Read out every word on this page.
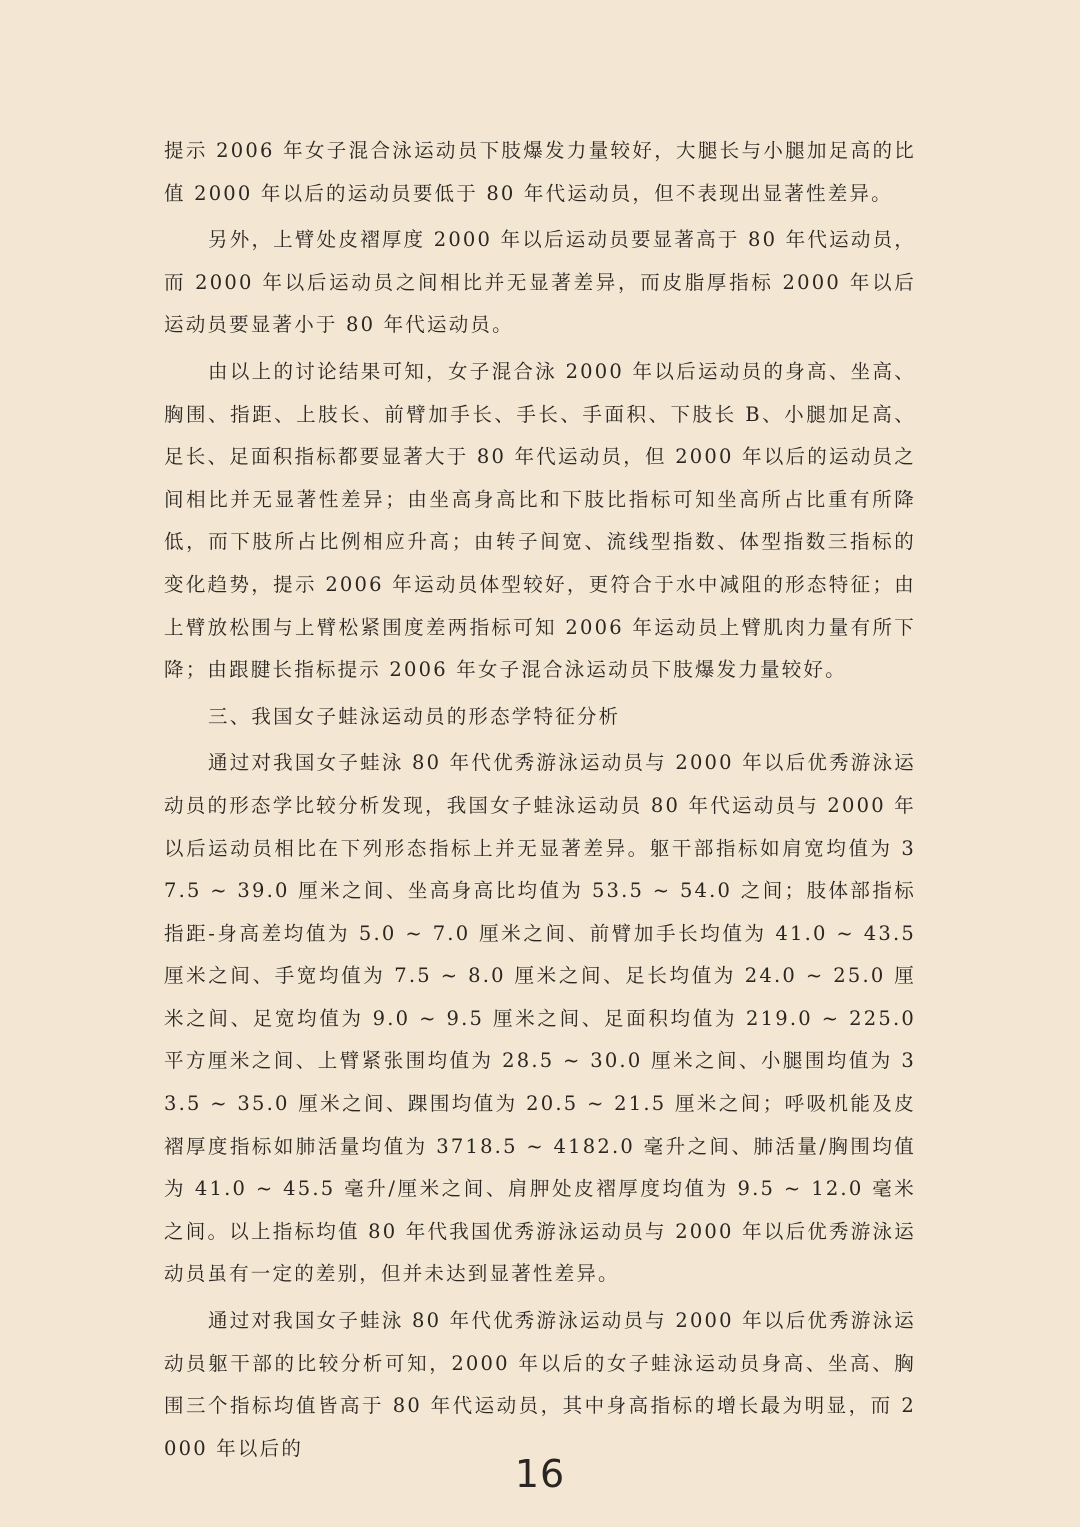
提示 2006 年女子混合泳运动员下肢爆发力量较好，大腿长与小腿加足高的比值 2000 年以后的运动员要低于 80 年代运动员，但不表现出显著性差异。

另外，上臂处皮褶厚度 2000 年以后运动员要显著高于 80 年代运动员，而 2000 年以后运动员之间相比并无显著差异，而皮脂厚指标 2000 年以后运动员要显著小于 80 年代运动员。

由以上的讨论结果可知，女子混合泳 2000 年以后运动员的身高、坐高、胸围、指距、上肢长、前臂加手长、手长、手面积、下肢长 B、小腿加足高、足长、足面积指标都要显著大于 80 年代运动员，但 2000 年以后的运动员之间相比并无显著性差异；由坐高身高比和下肢比指标可知坐高所占比重有所降低，而下肢所占比例相应升高；由转子间宽、流线型指数、体型指数三指标的变化趋势，提示 2006 年运动员体型较好，更符合于水中减阻的形态特征；由上臂放松围与上臂松紧围度差两指标可知 2006 年运动员上臂肌肉力量有所下降；由跟腱长指标提示 2006 年女子混合泳运动员下肢爆发力量较好。

三、我国女子蛙泳运动员的形态学特征分析

通过对我国女子蛙泳 80 年代优秀游泳运动员与 2000 年以后优秀游泳运动员的形态学比较分析发现，我国女子蛙泳运动员 80 年代运动员与 2000 年以后运动员相比在下列形态指标上并无显著差异。躯干部指标如肩宽均值为 37.5 ~ 39.0 厘米之间、坐高身高比均值为 53.5 ~ 54.0 之间；肢体部指标指距-身高差均值为 5.0 ~ 7.0 厘米之间、前臂加手长均值为 41.0 ~ 43.5 厘米之间、手宽均值为 7.5 ~ 8.0 厘米之间、足长均值为 24.0 ~ 25.0 厘米之间、足宽均值为 9.0 ~ 9.5 厘米之间、足面积均值为 219.0 ~ 225.0 平方厘米之间、上臂紧张围均值为 28.5 ~ 30.0 厘米之间、小腿围均值为 33.5 ~ 35.0 厘米之间、踝围均值为 20.5 ~ 21.5 厘米之间；呼吸机能及皮褶厚度指标如肺活量均值为 3718.5 ~ 4182.0 毫升之间、肺活量/胸围均值为 41.0 ~ 45.5 毫升/厘米之间、肩胛处皮褶厚度均值为 9.5 ~ 12.0 毫米之间。以上指标均值 80 年代我国优秀游泳运动员与 2000 年以后优秀游泳运动员虽有一定的差别，但并未达到显著性差异。

通过对我国女子蛙泳 80 年代优秀游泳运动员与 2000 年以后优秀游泳运动员躯干部的比较分析可知，2000 年以后的女子蛙泳运动员身高、坐高、胸围三个指标均值皆高于 80 年代运动员，其中身高指标的增长最为明显，而 2000 年以后的

16
